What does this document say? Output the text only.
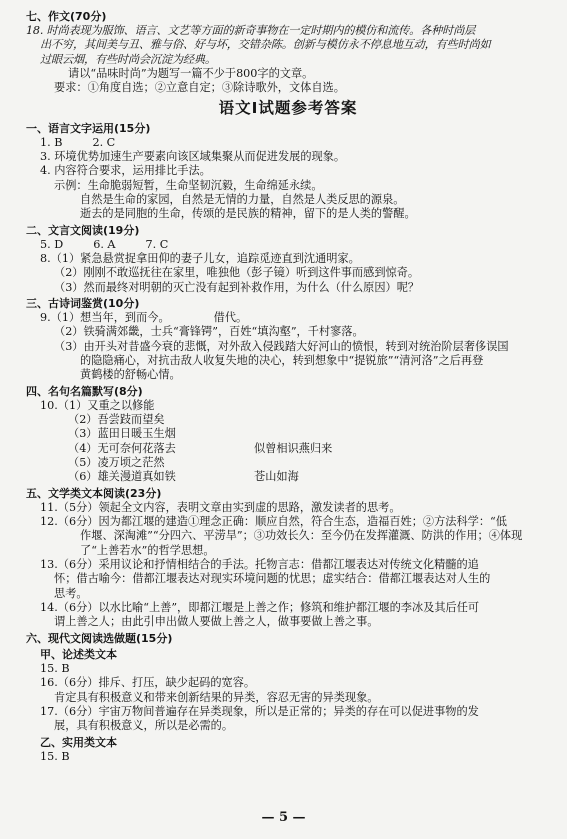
七、作文(70分)
18. 时尚表现为服饰、语言、文艺等方面的新奇事物在一定时期内的模仿和流传。各种时尚层
出不穷，其间美与丑、雅与俗、好与坏，交错杂陈。创新与模仿永不停息地互动，有些时尚如
过眼云烟，有些时尚会沉淀为经典。
请以“品味时尚”为题写一篇不少于800字的文章。
要求：①角度自选；②立意自定；③除诗歌外，文体自选。
语文Ⅰ试题参考答案
一、语言文字运用(15分)
1. B	2. C
3. 环境优势加速生产要素向该区域集聚从而促进发展的现象。
4. 内容符合要求，运用排比手法。
示例：生命脆弱短暂，生命坚韧沉毅，生命绵延永续。
自然是生命的家园，自然是无情的力量，自然是人类反思的源泉。
逝去的是同胞的生命，传颂的是民族的精神，留下的是人类的警醒。
二、文言文阅读(19分)
5. D	6. A	7. C
8.（1）紧急悬赏捉拿田仰的妻子儿女，追踪觅迹直到沈通明家。
（2）刚刚不敢巡抚往在家里，唯独他（彭子镜）听到这件事而感到惊奇。
（3）然而最终对明朝的灭亡没有起到补救作用，为什么（什么原因）呢？
三、古诗词鉴赏(10分)
9.（1）想当年，到而今。	借代。
（2）铁骑满郊畿，士兵“膏锋锷”，百姓“填沟壑”，千村寥落。
（3）由开头对昔盛今衰的悲慨，对外敌入侵践踏大好河山的愤恨，转到对统治阶层奢侈误国
的隐隐痛心，对抗击敌人收复失地的决心，转到想象中“提锐旅”“清河洛”之后再登
黄鹤楼的舒畅心情。
四、名句名篇默写(8分)
10.（1）又重之以修能
（2）吾尝跂而望矣
（3）蓝田日暖玉生烟
（4）无可奈何花落去	似曾相识燕归来
（5）凌万顷之茫然
（6）雄关漫道真如铁	苍山如海
五、文学类文本阅读(23分)
11.（5分）领起全文内容，表明文章由实到虚的思路，激发读者的思考。
12.（6分）因为都江堰的建造①理念正确：顺应自然，符合生态，造福百姓；②方法科学：“低
作堰、深淘滩”“分四六、平涝旱”；③功效长久：至今仍在发挥灌溉、防洪的作用；④体现
了“上善若水”的哲学思想。
13.（6分）采用议论和抒情相结合的手法。托物言志：借都江堰表达对传统文化精髓的追
怀；借古喻今：借都江堰表达对现实环境问题的忧思；虚实结合：借都江堰表达对人生的
思考。
14.（6分）以水比喻“上善”，即都江堰是上善之作；修筑和维护都江堰的李冰及其后任可
谓上善之人；由此引申出做人要做上善之人，做事要做上善之事。
六、现代文阅读选做题(15分)
甲、论述类文本
15. B
16.（6分）排斥、打压，缺少起码的宽容。
肯定具有积极意义和带来创新结果的异类，容忍无害的异类现象。
17.（6分）宇宙万物间普遍存在异类现象，所以是正常的；异类的存在可以促进事物的发
展，具有积极意义，所以是必需的。
乙、实用类文本
15. B
— 5 —
